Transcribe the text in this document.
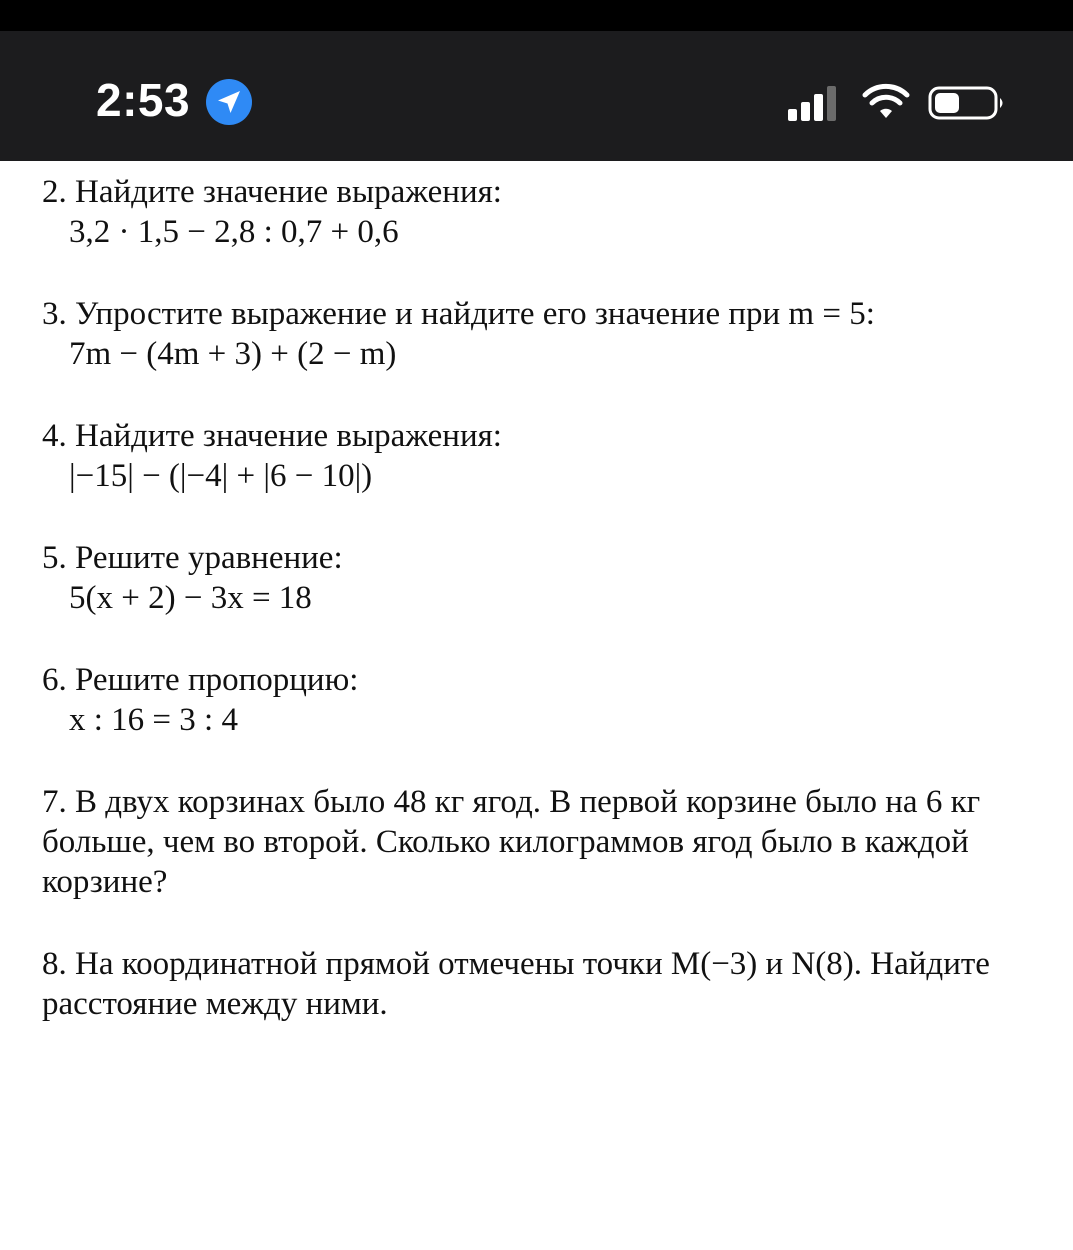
2:53

2. Найдите значение выражения:

3,2 · 1,5 − 2,8 : 0,7 + 0,6

3. Упростите выражение и найдите его значение при m = 5:

7m − (4m + 3) + (2 − m)

4. Найдите значение выражения:

|−15| − (|−4| + |6 − 10|)

5. Решите уравнение:

5(x + 2) − 3x = 18

6. Решите пропорцию:

x : 16 = 3 : 4

7. В двух корзинах было 48 кг ягод. В первой корзине было на 6 кг больше, чем во второй. Сколько килограммов ягод было в каждой корзине?

8. На координатной прямой отмечены точки M(−3) и N(8). Найдите расстояние между ними.
